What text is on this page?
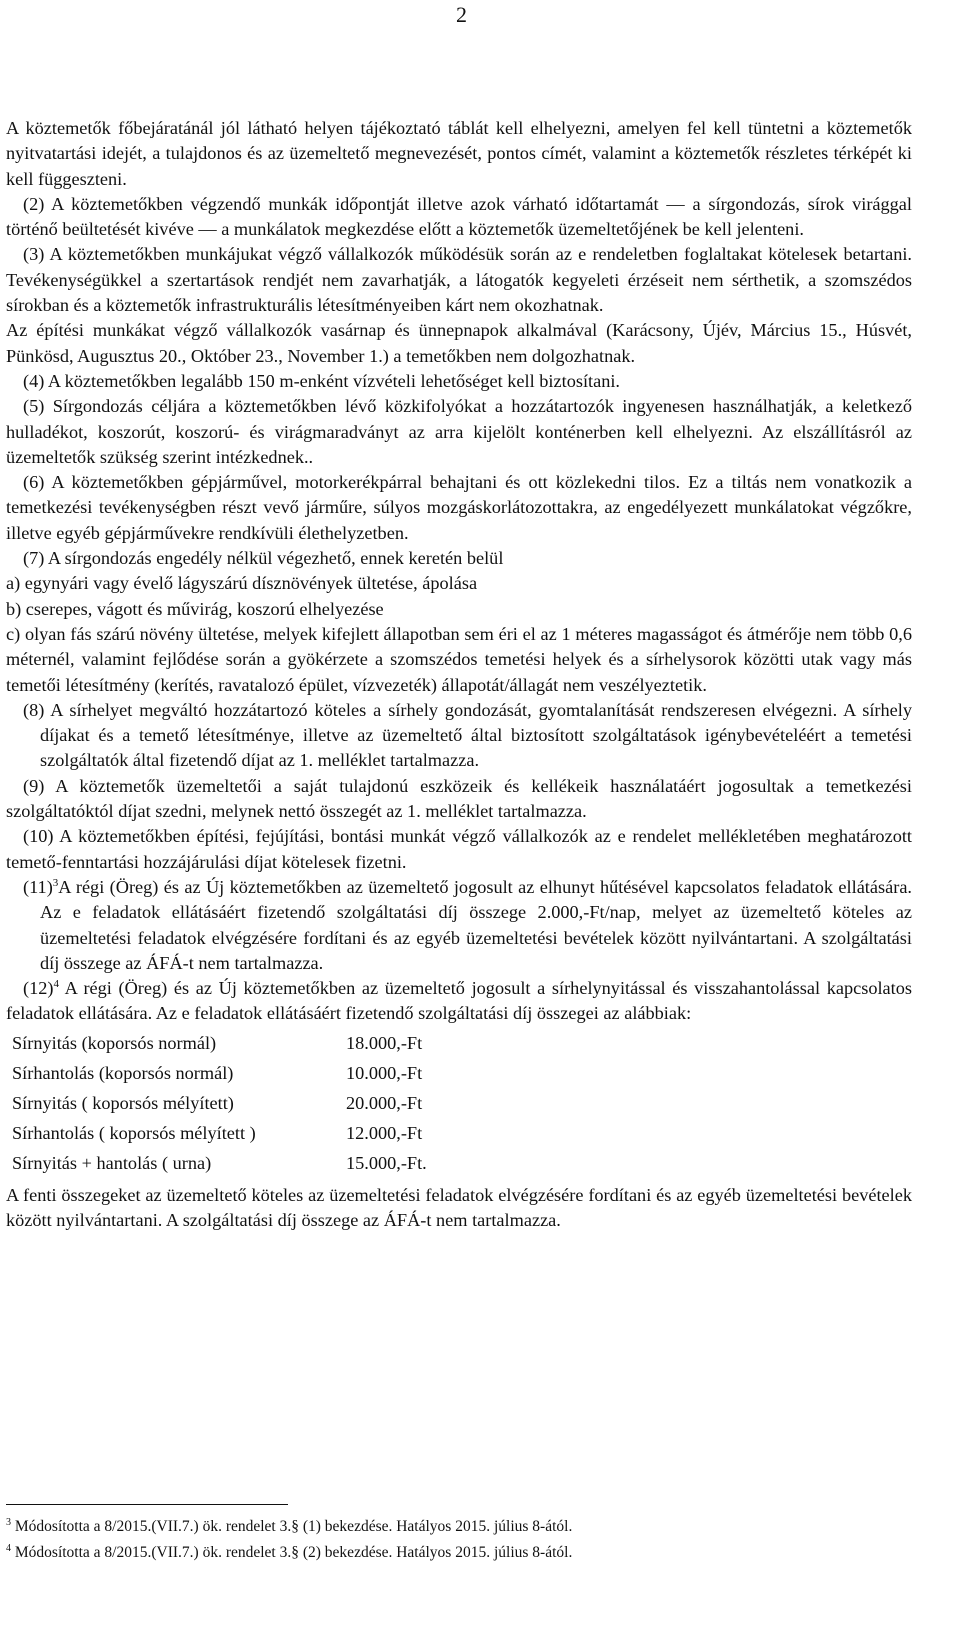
2

A köztemetők főbejáratánál jól látható helyen tájékoztató táblát kell elhelyezni, amelyen fel kell tüntetni a köztemetők nyitvatartási idejét, a tulajdonos és az üzemeltető megnevezését, pontos címét, valamint a köztemetők részletes térképét ki kell függeszteni.

(2) A köztemetőkben végzendő munkák időpontját illetve azok várható időtartamát — a sírgondozás, sírok virággal történő beültetését kivéve — a munkálatok megkezdése előtt a köztemetők üzemeltetőjének be kell jelenteni.

(3) A köztemetőkben munkájukat végző vállalkozók működésük során az e rendeletben foglaltakat kötelesek betartani. Tevékenységükkel a szertartások rendjét nem zavarhatják, a látogatók kegyeleti érzéseit nem sérthetik, a szomszédos sírokban és a köztemetők infrastrukturális létesítményeiben kárt nem okozhatnak.

Az építési munkákat végző vállalkozók vasárnap és ünnepnapok alkalmával (Karácsony, Újév, Március 15., Húsvét, Pünkösd, Augusztus 20., Október 23., November 1.) a temetőkben nem dolgozhatnak.

(4) A köztemetőkben legalább 150 m-enként vízvételi lehetőséget kell biztosítani.

(5) Sírgondozás céljára a köztemetőkben lévő közkifolyókat a hozzátartozók ingyenesen használhatják, a keletkező hulladékot, koszorút, koszorú- és virágmaradványt az arra kijelölt konténerben kell elhelyezni. Az elszállításról az üzemeltetők szükség szerint intézkednek..

(6) A köztemetőkben gépjárművel, motorkerékpárral behajtani és ott közlekedni tilos. Ez a tiltás nem vonatkozik a temetkezési tevékenységben részt vevő járműre, súlyos mozgáskorlátozottakra, az engedélyezett munkálatokat végzőkre, illetve egyéb gépjárművekre rendkívüli élethelyzetben.

(7) A sírgondozás engedély nélkül végezhető, ennek keretén belül

a) egynyári vagy évelő lágyszárú dísznövények ültetése, ápolása

b) cserepes, vágott és művirág, koszorú elhelyezése

c) olyan fás szárú növény ültetése, melyek kifejlett állapotban sem éri el az 1 méteres magasságot és átmérője nem több 0,6 méternél, valamint fejlődése során a gyökérzete a szomszédos temetési helyek és a sírhelysorok közötti utak vagy más temetői létesítmény (kerítés, ravatalozó épület, vízvezeték) állapotát/állagát nem veszélyeztetik.

(8) A sírhelyet megváltó hozzátartozó köteles a sírhely gondozását, gyomtalanítását rendszeresen elvégezni. A sírhely díjakat és a temető létesítménye, illetve az üzemeltető által biztosított szolgáltatások igénybevételéért a temetési szolgáltatók által fizetendő díjat az 1. melléklet tartalmazza.

(9) A köztemetők üzemeltetői a saját tulajdonú eszközeik és kellékeik használatáért jogosultak a temetkezési szolgáltatóktól díjat szedni, melynek nettó összegét az 1. melléklet tartalmazza.

(10) A köztemetőkben építési, fejújítási, bontási munkát végző vállalkozók az e rendelet mellékletében meghatározott temető-fenntartási hozzájárulási díjat kötelesek fizetni.

$(11)^3A$ régi (Öreg) és az Új köztemetőkben az üzemeltető jogosult az elhunyt hűtésével kapcsolatos feladatok ellátására. Az e feladatok ellátásáért fizetendő szolgáltatási díj összege 2.000,-Ft/nap, melyet az üzemeltető köteles az üzemeltetési feladatok elvégzésére fordítani és az egyéb üzemeltetési bevételek között nyilvántartani. A szolgáltatási díj összege az ÁFÁ-t nem tartalmazza.

$(12)^4$ A régi (Öreg) és az Új köztemetőkben az üzemeltető jogosult a sírhelynyitással és visszahantolással kapcsolatos feladatok ellátására. Az e feladatok ellátásáért fizetendő szolgáltatási díj összegei az alábbiak:

Sírnyitás (koporsós normál)	18.000,-Ft
Sírhantolás (koporsós normál)	10.000,-Ft
Sírnyitás ( koporsós mélyített)	20.000,-Ft
Sírhantolás ( koporsós mélyített )	12.000,-Ft
Sírnyitás + hantolás ( urna)	15.000,-Ft.

A fenti összegeket az üzemeltető köteles az üzemeltetési feladatok elvégzésére fordítani és az egyéb üzemeltetési bevételek között nyilvántartani. A szolgáltatási díj összege az ÁFÁ-t nem tartalmazza.

$^3$ Módosította a 8/2015.(VII.7.) ök. rendelet 3.§ (1) bekezdése. Hatályos 2015. július 8-ától.

$^4$ Módosította a 8/2015.(VII.7.) ök. rendelet 3.§ (2) bekezdése. Hatályos 2015. július 8-ától.
